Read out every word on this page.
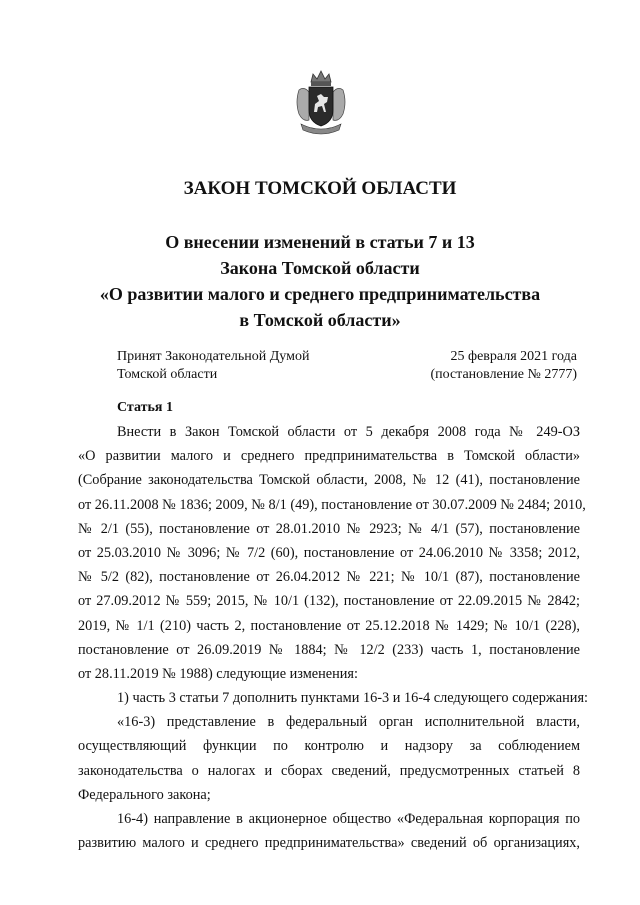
ЗАКОН ТОМСКОЙ ОБЛАСТИ
О внесении изменений в статьи 7 и 13
Закона Томской области
«О развитии малого и среднего предпринимательства
в Томской области»
Принят Законодательной Думой
Томской области
25 февраля 2021 года
(постановление № 2777)
Статья 1
Внести в Закон Томской области от 5 декабря 2008 года № 249-ОЗ
«О развитии малого и среднего предпринимательства в Томской области»
(Собрание законодательства Томской области, 2008, № 12 (41), постановление
от 26.11.2008 № 1836; 2009, № 8/1 (49), постановление от 30.07.2009 № 2484; 2010,
№ 2/1 (55), постановление от 28.01.2010 № 2923; № 4/1 (57), постановление
от 25.03.2010 № 3096; № 7/2 (60), постановление от 24.06.2010 № 3358; 2012,
№ 5/2 (82), постановление от 26.04.2012 № 221; № 10/1 (87), постановление
от 27.09.2012 № 559; 2015, № 10/1 (132), постановление от 22.09.2015 № 2842;
2019, № 1/1 (210) часть 2, постановление от 25.12.2018 № 1429; № 10/1 (228),
постановление от 26.09.2019 № 1884; № 12/2 (233) часть 1, постановление
от 28.11.2019 № 1988) следующие изменения:
1) часть 3 статьи 7 дополнить пунктами 16-3 и 16-4 следующего содержания:
«16-3) представление в федеральный орган исполнительной власти,
осуществляющий функции по контролю и надзору за соблюдением
законодательства о налогах и сборах сведений, предусмотренных статьей 8
Федерального закона;
16-4) направление в акционерное общество «Федеральная корпорация по
развитию малого и среднего предпринимательства» сведений об организациях,
